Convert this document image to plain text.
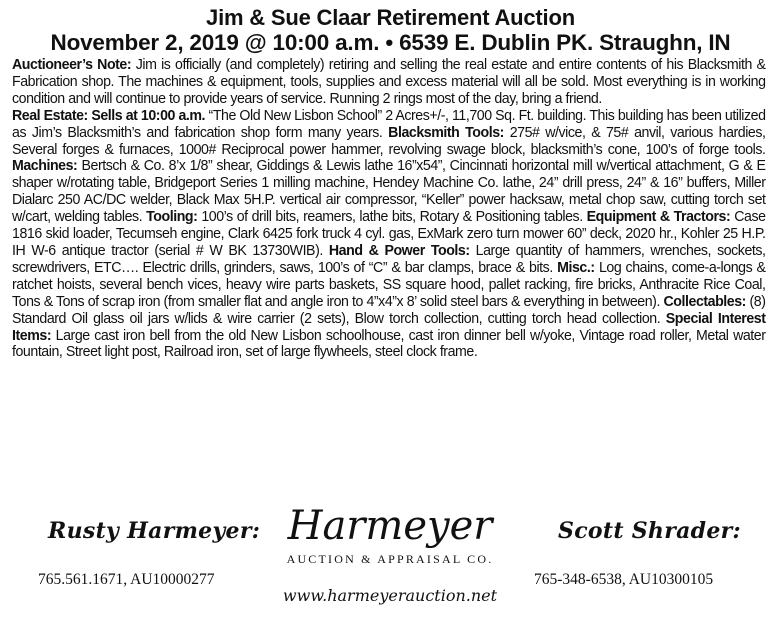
Jim & Sue Claar Retirement Auction
November 2, 2019 @ 10:00 a.m. • 6539 E. Dublin PK. Straughn, IN

Auctioneer’s Note: Jim is officially (and completely) retiring and selling the real estate and entire contents of his Blacksmith & Fabrication shop. The machines & equipment, tools, supplies and excess material will all be sold. Most everything is in working condition and will continue to provide years of service. Running 2 rings most of the day, bring a friend.

Real Estate: Sells at 10:00 a.m. “The Old New Lisbon School” 2 Acres+/-, 11,700 Sq. Ft. building. This building has been utilized as Jim’s Blacksmith’s and fabrication shop form many years. Blacksmith Tools: 275# w/vice, & 75# anvil, various hardies, Several forges & furnaces, 1000# Reciprocal power hammer, revolving swage block, blacksmith’s cone, 100’s of forge tools. Machines: Bertsch & Co. 8’x 1/8” shear, Giddings & Lewis lathe 16”x54”, Cincinnati horizontal mill w/vertical attachment, G & E shaper w/rotating table, Bridgeport Series 1 milling machine, Hendey Machine Co. lathe, 24” drill press, 24” & 16” buffers, Miller Dialarc 250 AC/DC welder, Black Max 5H.P. vertical air compressor, “Keller” power hacksaw, metal chop saw, cutting torch set w/cart, welding tables. Tooling: 100’s of drill bits, reamers, lathe bits, Rotary & Positioning tables. Equipment & Tractors: Case 1816 skid loader, Tecumseh engine, Clark 6425 fork truck 4 cyl. gas, ExMark zero turn mower 60” deck, 2020 hr., Kohler 25 H.P. IH W-6 antique tractor (serial # W BK 13730WIB). Hand & Power Tools: Large quantity of hammers, wrenches, sockets, screwdrivers, ETC…. Electric drills, grinders, saws, 100’s of “C” & bar clamps, brace & bits. Misc.: Log chains, come-a-longs & ratchet hoists, several bench vices, heavy wire parts baskets, SS square hood, pallet racking, fire bricks, Anthracite Rice Coal, Tons & Tons of scrap iron (from smaller flat and angle iron to 4”x4”x 8’ solid steel bars & everything in between). Collectables: (8) Standard Oil glass oil jars w/lids & wire carrier (2 sets), Blow torch collection, cutting torch head collection. Special Interest Items: Large cast iron bell from the old New Lisbon schoolhouse, cast iron dinner bell w/yoke, Vintage road roller, Metal water fountain, Street light post, Railroad iron, set of large flywheels, steel clock frame.

Rusty Harmeyer:
765.561.1671, AU10000277
Harmeyer
AUCTION & APPRAISAL CO.
www.harmeyerauction.net
Scott Shrader:
765-348-6538, AU10300105
